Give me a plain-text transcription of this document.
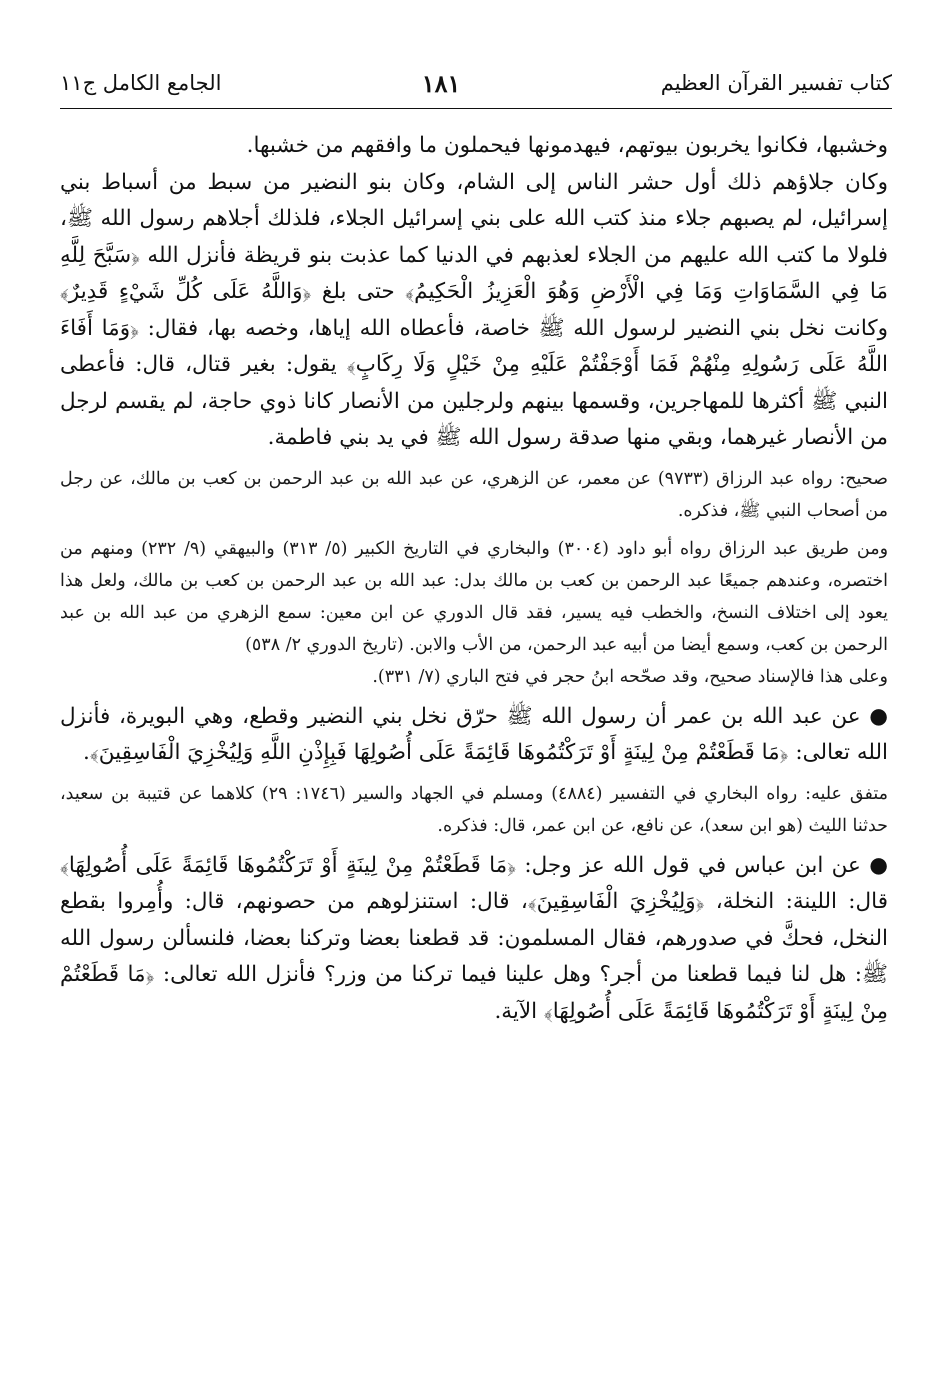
كتاب تفسير القرآن العظيم
١٨١
الجامع الكامل ج١١

وخشبها، فكانوا يخربون بيوتهم، فيهدمونها فيحملون ما وافقهم من خشبها.

وكان جلاؤهم ذلك أول حشر الناس إلى الشام، وكان بنو النضير من سبط من أسباط بني إسرائيل، لم يصبهم جلاء منذ كتب الله على بني إسرائيل الجلاء، فلذلك أجلاهم رسول الله ﷺ، فلولا ما كتب الله عليهم من الجلاء لعذبهم في الدنيا كما عذبت بنو قريظة فأنزل الله ﴿سَبَّحَ لِلَّهِ مَا فِي السَّمَاوَاتِ وَمَا فِي الْأَرْضِ وَهُوَ الْعَزِيزُ الْحَكِيمُ﴾ حتى بلغ ﴿وَاللَّهُ عَلَى كُلِّ شَيْءٍ قَدِيرٌ﴾ وكانت نخل بني النضير لرسول الله ﷺ خاصة، فأعطاه الله إياها، وخصه بها، فقال: ﴿وَمَا أَفَاءَ اللَّهُ عَلَى رَسُولِهِ مِنْهُمْ فَمَا أَوْجَفْتُمْ عَلَيْهِ مِنْ خَيْلٍ وَلَا رِكَابٍ﴾ يقول: بغير قتال، قال: فأعطى النبي ﷺ أكثرها للمهاجرين، وقسمها بينهم ولرجلين من الأنصار كانا ذوي حاجة، لم يقسم لرجل من الأنصار غيرهما، وبقي منها صدقة رسول الله ﷺ في يد بني فاطمة.

صحيح: رواه عبد الرزاق (٩٧٣٣) عن معمر، عن الزهري، عن عبد الله بن عبد الرحمن بن كعب بن مالك، عن رجل من أصحاب النبي ﷺ، فذكره.

ومن طريق عبد الرزاق رواه أبو داود (٣٠٠٤) والبخاري في التاريخ الكبير (٥/ ٣١٣) والبيهقي (٩/ ٢٣٢) ومنهم من اختصره، وعندهم جميعًا عبد الرحمن بن كعب بن مالك بدل: عبد الله بن عبد الرحمن بن كعب بن مالك، ولعل هذا يعود إلى اختلاف النسخ، والخطب فيه يسير، فقد قال الدوري عن ابن معين: سمع الزهري من عبد الله بن عبد الرحمن بن كعب، وسمع أيضا من أبيه عبد الرحمن، من الأب والابن. (تاريخ الدوري ٢/ ٥٣٨)

وعلى هذا فالإسناد صحيح، وقد صحّحه ابنُ حجر في فتح الباري (٧/ ٣٣١).

● عن عبد الله بن عمر أن رسول الله ﷺ حرّق نخل بني النضير وقطع، وهي البويرة، فأنزل الله تعالى: ﴿مَا قَطَعْتُمْ مِنْ لِينَةٍ أَوْ تَرَكْتُمُوهَا قَائِمَةً عَلَى أُصُولِهَا فَبِإِذْنِ اللَّهِ وَلِيُخْزِيَ الْفَاسِقِينَ﴾.

متفق عليه: رواه البخاري في التفسير (٤٨٨٤) ومسلم في الجهاد والسير (١٧٤٦: ٢٩) كلاهما عن قتيبة بن سعيد، حدثنا الليث (هو ابن سعد)، عن نافع، عن ابن عمر، قال: فذكره.

● عن ابن عباس في قول الله عز وجل: ﴿مَا قَطَعْتُمْ مِنْ لِينَةٍ أَوْ تَرَكْتُمُوهَا قَائِمَةً عَلَى أُصُولِهَا﴾ قال: اللينة: النخلة، ﴿وَلِيُخْزِيَ الْفَاسِقِينَ﴾، قال: استنزلوهم من حصونهم، قال: وأُمِروا بقطع النخل، فحكَّ في صدورهم، فقال المسلمون: قد قطعنا بعضا وتركنا بعضا، فلنسألن رسول الله ﷺ: هل لنا فيما قطعنا من أجر؟ وهل علينا فيما تركنا من وزر؟ فأنزل الله تعالى: ﴿مَا قَطَعْتُمْ مِنْ لِينَةٍ أَوْ تَرَكْتُمُوهَا قَائِمَةً عَلَى أُصُولِهَا﴾ الآية.
